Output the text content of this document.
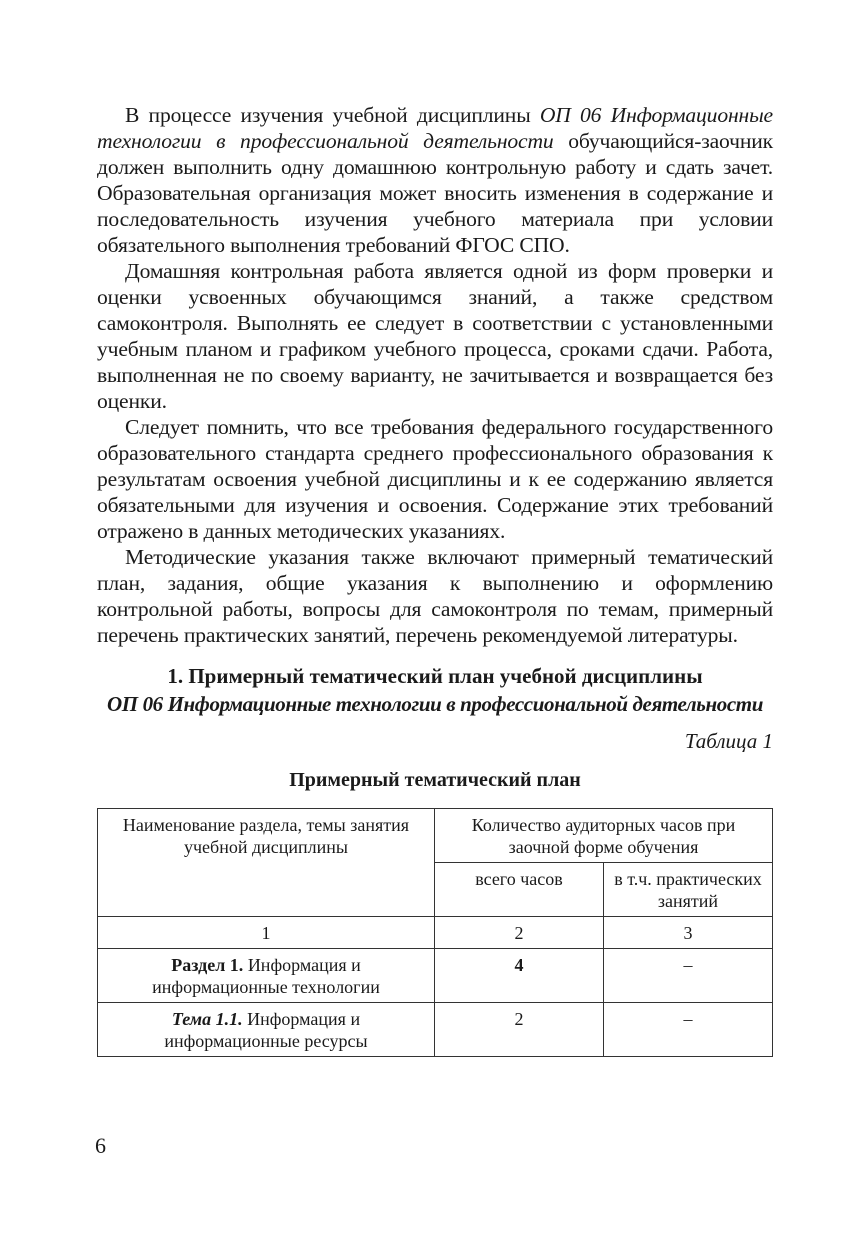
В процессе изучения учебной дисциплины ОП 06 Информационные технологии в профессиональной деятельности обучающийся-заочник должен выполнить одну домашнюю контрольную работу и сдать зачет. Образовательная организация может вносить изменения в содержание и последовательность изучения учебного материала при условии обязательного выполнения требований ФГОС СПО.

Домашняя контрольная работа является одной из форм проверки и оценки усвоенных обучающимся знаний, а также средством самоконтроля. Выполнять ее следует в соответствии с установленными учебным планом и графиком учебного процесса, сроками сдачи. Работа, выполненная не по своему варианту, не зачитывается и возвращается без оценки.

Следует помнить, что все требования федерального государственного образовательного стандарта среднего профессионального образования к результатам освоения учебной дисциплины и к ее содержанию является обязательными для изучения и освоения. Содержание этих требований отражено в данных методических указаниях.

Методические указания также включают примерный тематический план, задания, общие указания к выполнению и оформлению контрольной работы, вопросы для самоконтроля по темам, примерный перечень практических занятий, перечень рекомендуемой литературы.

1. Примерный тематический план учебной дисциплины
ОП 06 Информационные технологии в профессиональной деятельности
Таблица 1
Примерный тематический план
Наименование раздела, темы занятия учебной дисциплины	Количество аудиторных часов при заочной форме обучения	
	всего часов	в т.ч. практических занятий
1	2	3
Раздел 1. Информация и информационные технологии	4	–
Тема 1.1. Информация и информационные ресурсы	2	–
6
